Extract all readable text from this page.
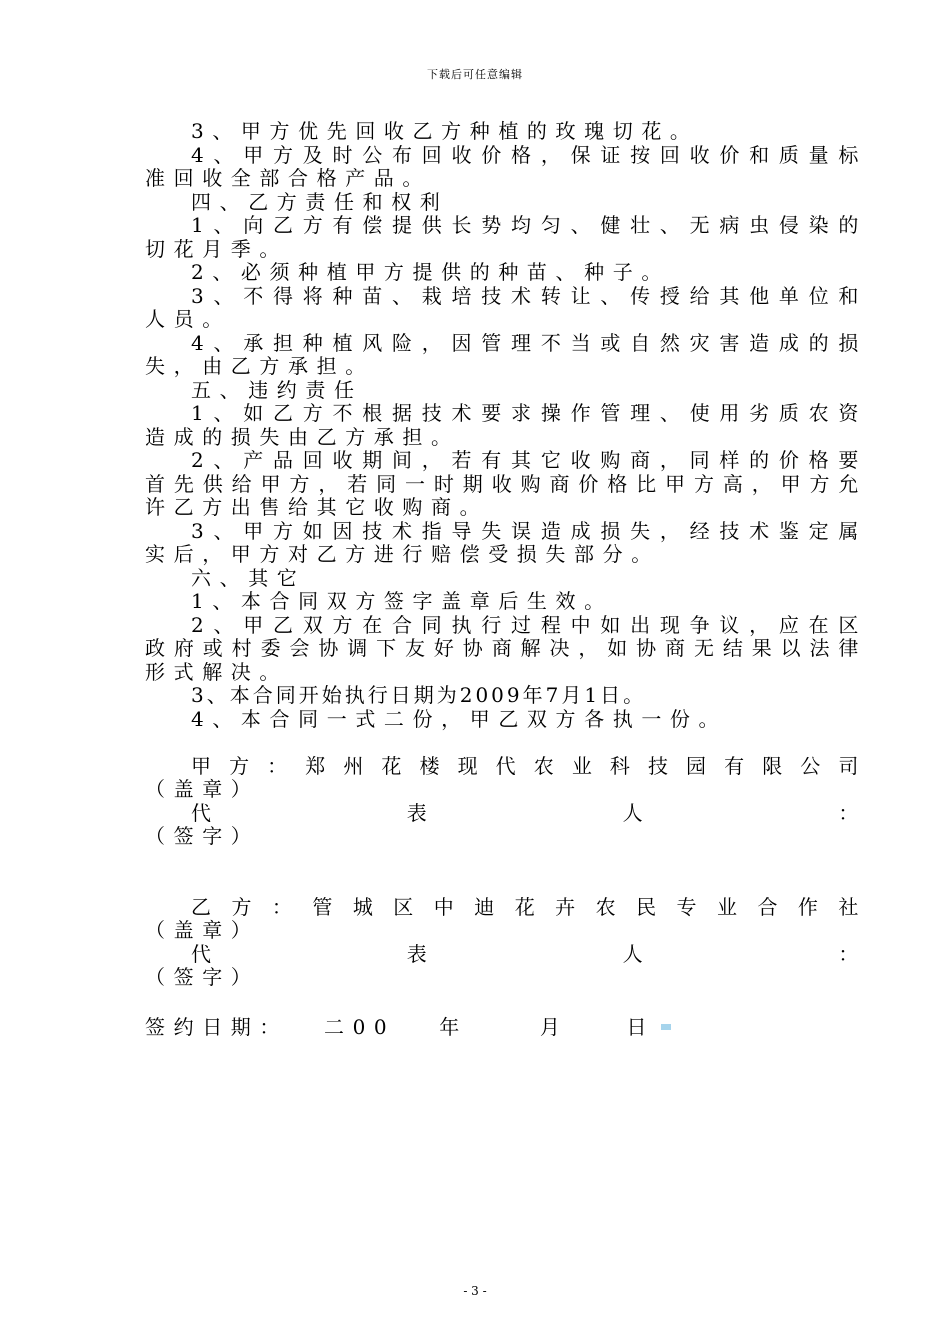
下载后可任意编辑

3、甲方优先回收乙方种植的玫瑰切花。

4、甲方及时公布回收价格，保证按回收价和质量标准回收全部合格产品。

四、乙方责任和权利

1、向乙方有偿提供长势均匀、健壮、无病虫侵染的切花月季。

2、必须种植甲方提供的种苗、种子。

3、不得将种苗、栽培技术转让、传授给其他单位和人员。

4、承担种植风险，因管理不当或自然灾害造成的损失，由乙方承担。

五、违约责任

1、如乙方不根据技术要求操作管理、使用劣质农资造成的损失由乙方承担。

2、产品回收期间，若有其它收购商，同样的价格要首先供给甲方，若同一时期收购商价格比甲方高，甲方允许乙方出售给其它收购商。

3、甲方如因技术指导失误造成损失，经技术鉴定属实后，甲方对乙方进行赔偿受损失部分。

六、其它

1、本合同双方签字盖章后生效。

2、甲乙双方在合同执行过程中如出现争议，应在区政府或村委会协调下友好协商解决，如协商无结果以法律形式解决。

3、本合同开始执行日期为2009年7月1日。

4、本合同一式二份，甲乙双方各执一份。

甲方：郑州花楼现代农业科技园有限公司

（盖章）

代	表	人	：

（签字）

乙方：管城区中迪花卉农民专业合作社

（盖章）

代	表	人	：

（签字）

签约日期： 二00 年	月	日
- 3 -
